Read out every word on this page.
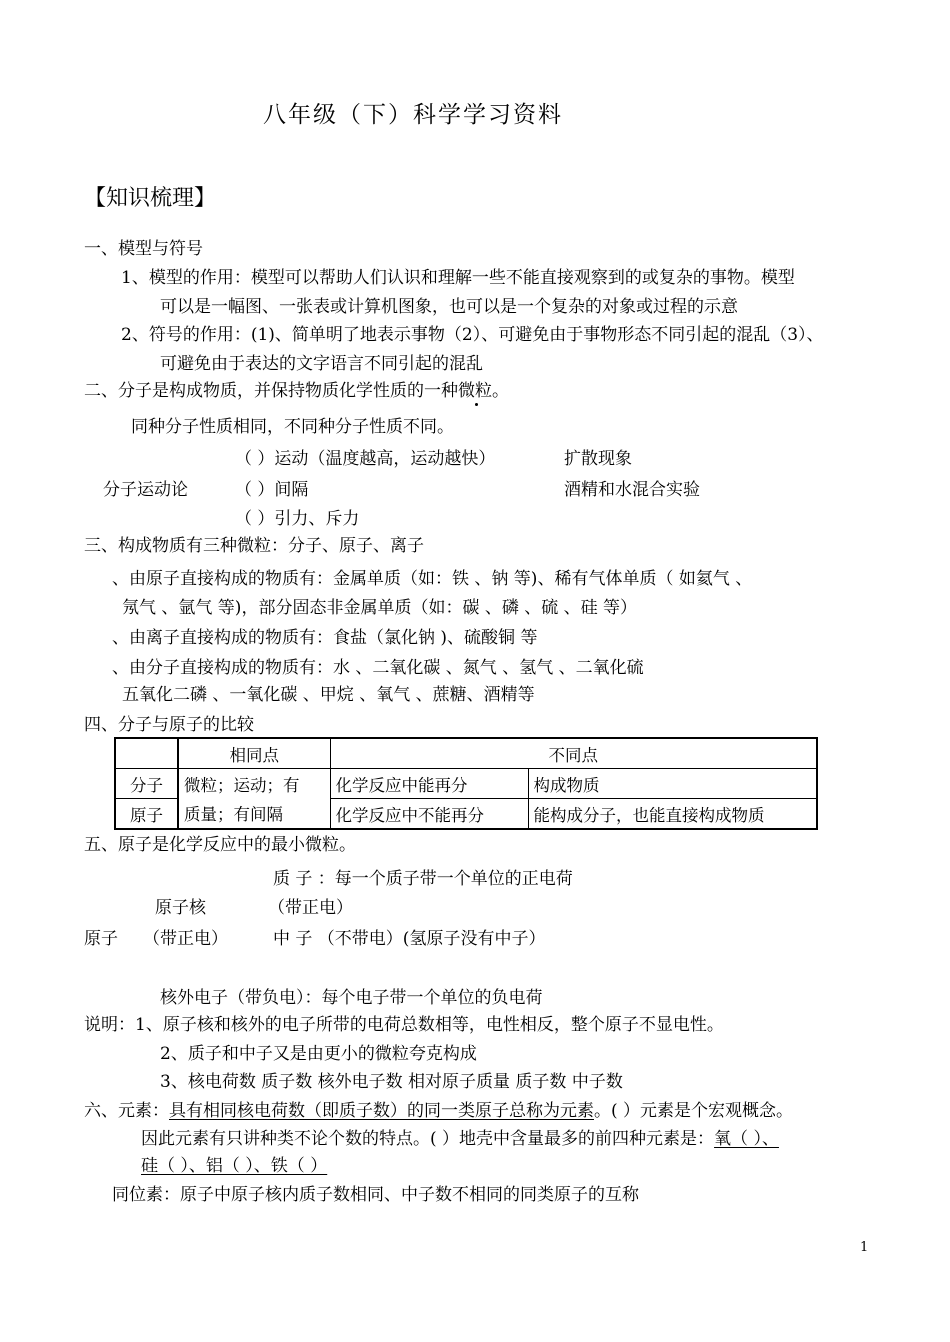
八年级（下）科学学习资料
【知识梳理】
一、模型与符号
1、模型的作用：模型可以帮助人们认识和理解一些不能直接观察到的或复杂的事物。模型
可以是一幅图、一张表或计算机图象，也可以是一个复杂的对象或过程的示意
2、符号的作用：(1)、简单明了地表示事物（2）、可避免由于事物形态不同引起的混乱（3）、
可避免由于表达的文字语言不同引起的混乱
二、分子是构成物质，并保持物质化学性质的一种微粒。
同种分子性质相同，不同种分子性质不同。
（ ）运动（温度越高，运动越快）	扩散现象
分子运动论	（ ）间隔	酒精和水混合实验
（ ）引力、斥力
三、构成物质有三种微粒：分子、原子、离子
、由原子直接构成的物质有：金属单质（如：铁 、钠 等)、稀有气体单质（ 如氦气 、
氖气 、氩气 等)，部分固态非金属单质（如：碳 、磷 、硫 、硅 等）
、由离子直接构成的物质有：食盐（氯化钠 )、硫酸铜 等
、由分子直接构成的物质有：水 、二氧化碳 、氮气 、氢气 、二氧化硫
五氧化二磷 、一氧化碳 、甲烷 、氧气 、蔗糖、酒精等
四、分子与原子的比较
	相同点	不同点	
分子	微粒；运动；有	化学反应中能再分	构成物质
原子	质量；有间隔	化学反应中不能再分	能构成分子，也能直接构成物质
五、原子是化学反应中的最小微粒。
质 子 ：每一个质子带一个单位的正电荷
原子核	（带正电）
原子 （带正电）	中 子 （不带电）(氢原子没有中子）
核外电子（带负电）：每个电子带一个单位的负电荷
说明：1、原子核和核外的电子所带的电荷总数相等，电性相反，整个原子不显电性。
2、质子和中子又是由更小的微粒夸克构成
3、核电荷数 质子数 核外电子数 相对原子质量 质子数 中子数
六、元素：具有相同核电荷数（即质子数）的同一类原子总称为元素。( ）元素是个宏观概念。
因此元素有只讲种类不论个数的特点。( ）地壳中含量最多的前四种元素是：氧（ ）、
硅（ ）、铝（ ）、铁（ ）
同位素：原子中原子核内质子数相同、中子数不相同的同类原子的互称
1
